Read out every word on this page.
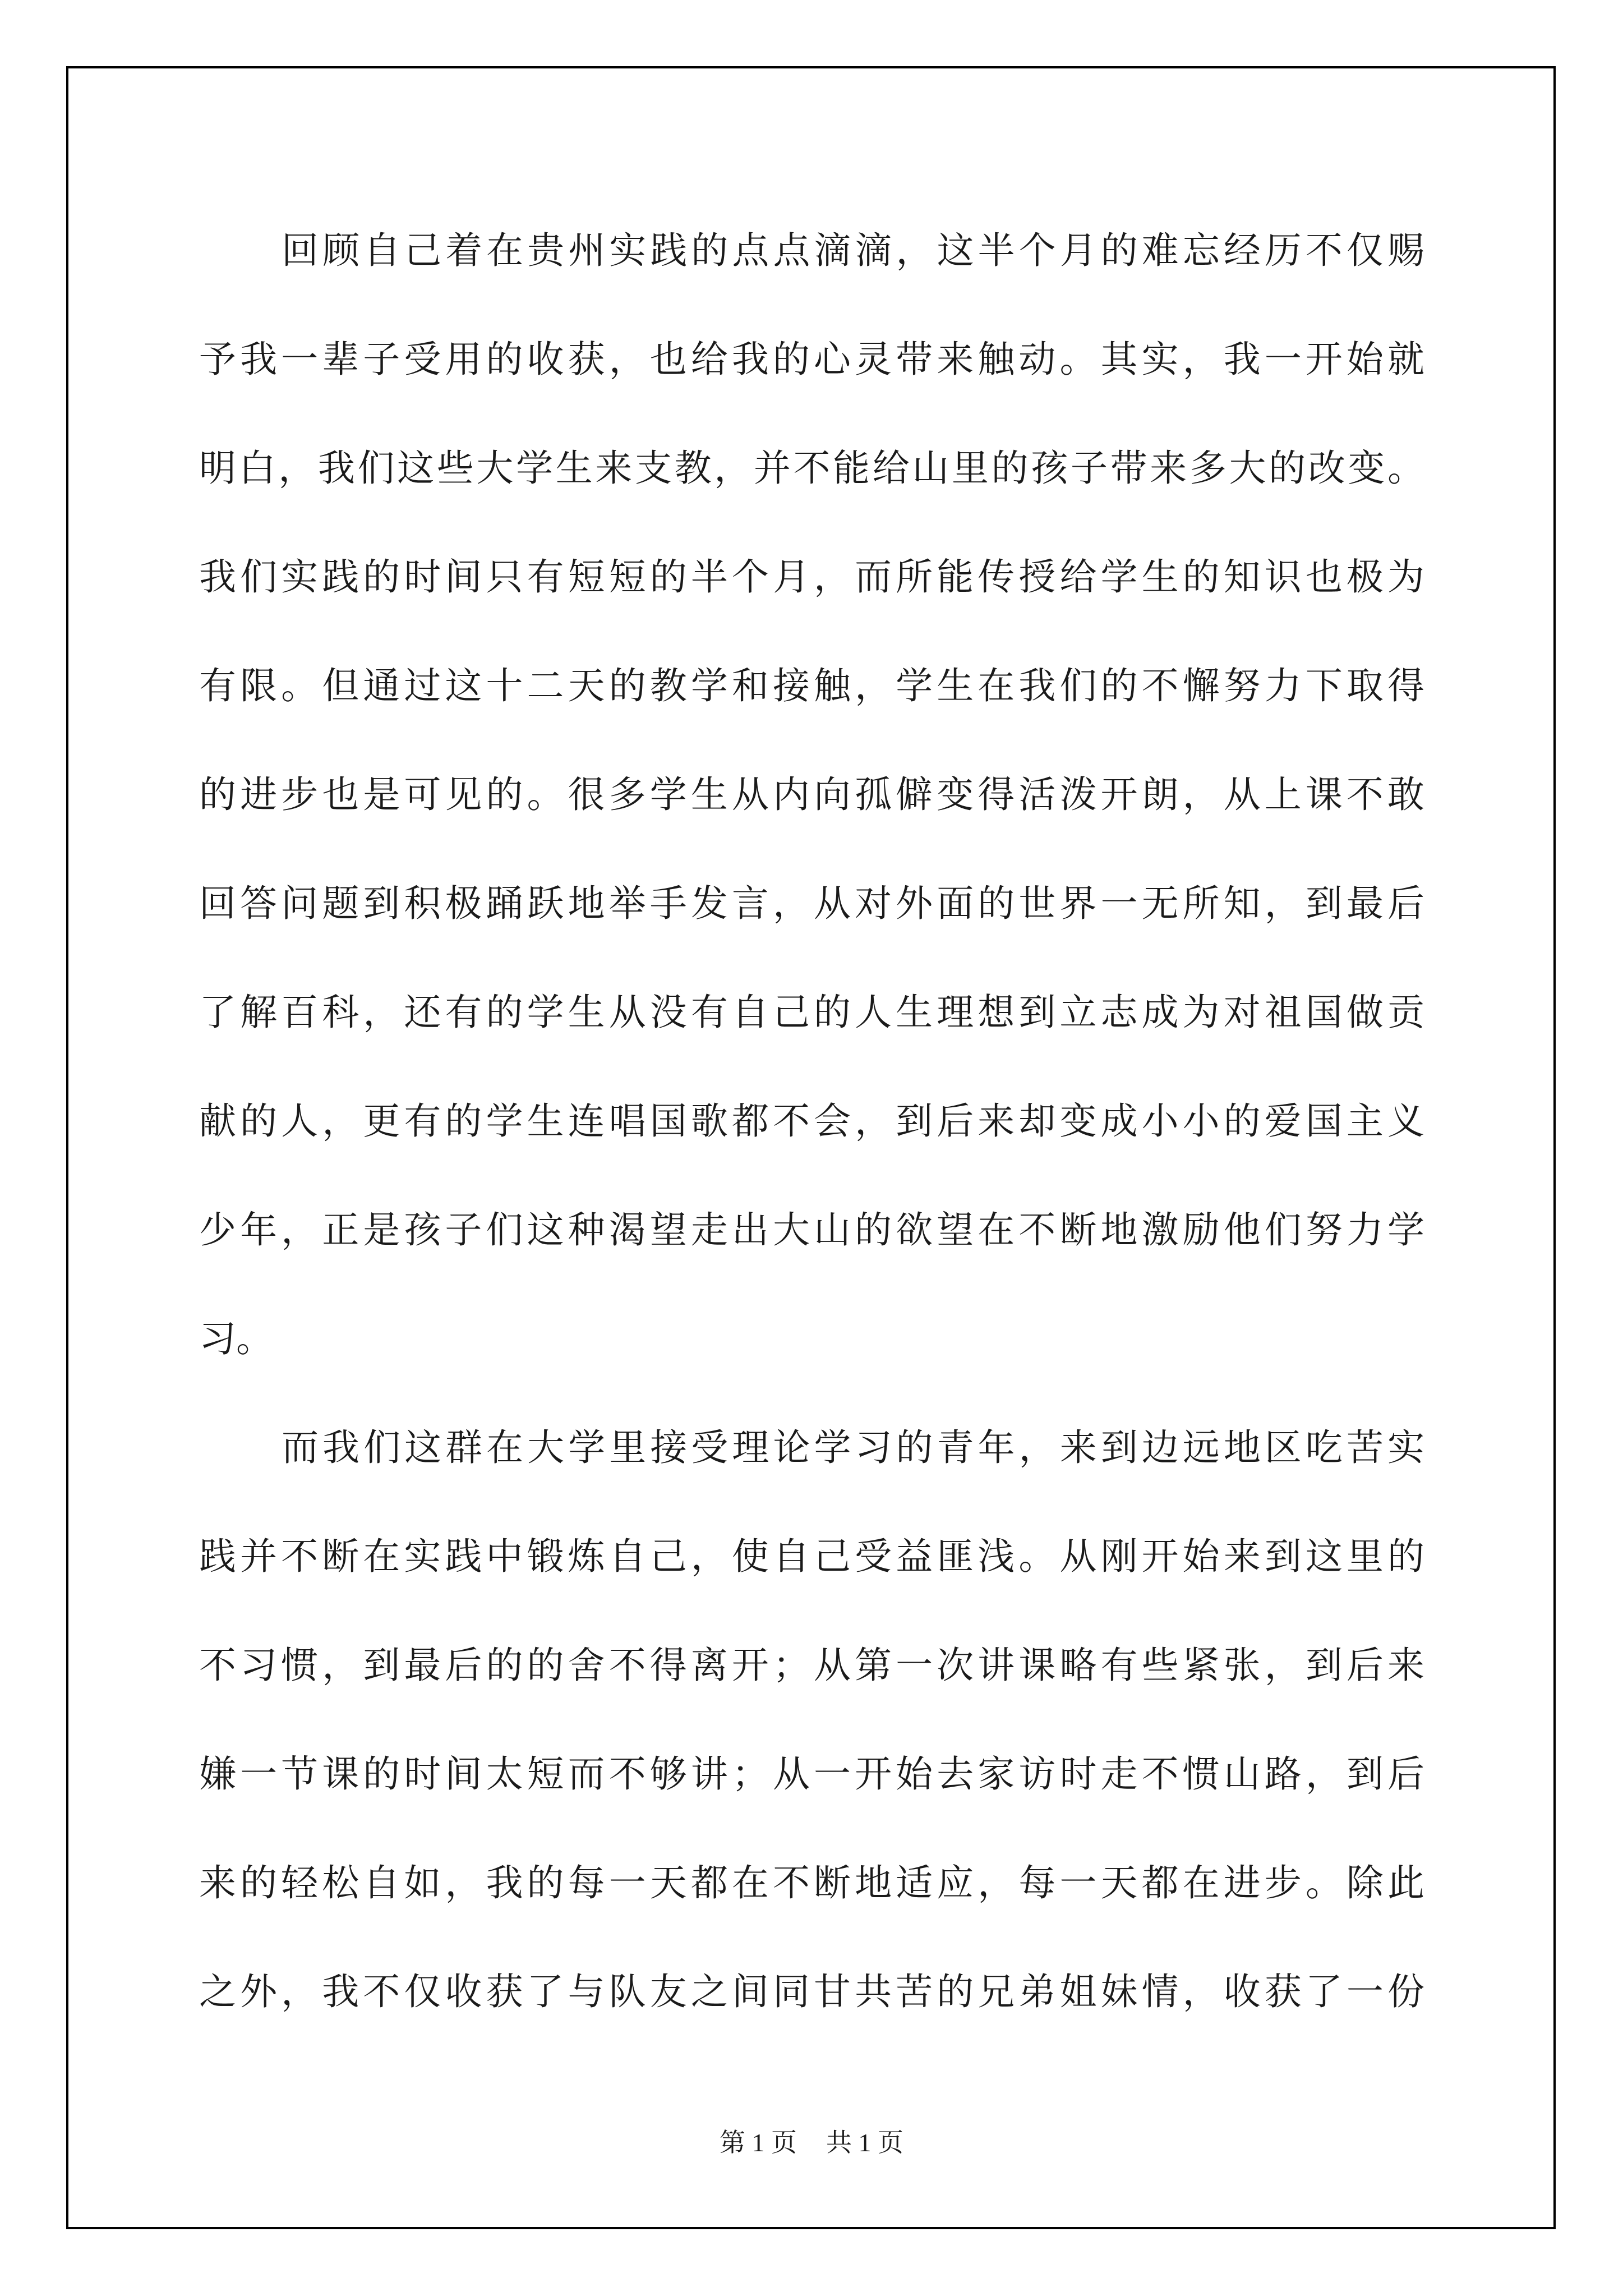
回顾自己着在贵州实践的点点滴滴，这半个月的难忘经历不仅赐
予我一辈子受用的收获，也给我的心灵带来触动。其实，我一开始就
明白，我们这些大学生来支教，并不能给山里的孩子带来多大的改变。
我们实践的时间只有短短的半个月，而所能传授给学生的知识也极为
有限。但通过这十二天的教学和接触，学生在我们的不懈努力下取得
的进步也是可见的。很多学生从内向孤僻变得活泼开朗，从上课不敢
回答问题到积极踊跃地举手发言，从对外面的世界一无所知，到最后
了解百科，还有的学生从没有自己的人生理想到立志成为对祖国做贡
献的人，更有的学生连唱国歌都不会，到后来却变成小小的爱国主义
少年，正是孩子们这种渴望走出大山的欲望在不断地激励他们努力学
习。
而我们这群在大学里接受理论学习的青年，来到边远地区吃苦实
践并不断在实践中锻炼自己，使自己受益匪浅。从刚开始来到这里的
不习惯，到最后的的舍不得离开；从第一次讲课略有些紧张，到后来
嫌一节课的时间太短而不够讲；从一开始去家访时走不惯山路，到后
来的轻松自如，我的每一天都在不断地适应，每一天都在进步。除此
之外，我不仅收获了与队友之间同甘共苦的兄弟姐妹情，收获了一份
第 1 页 共 1 页
